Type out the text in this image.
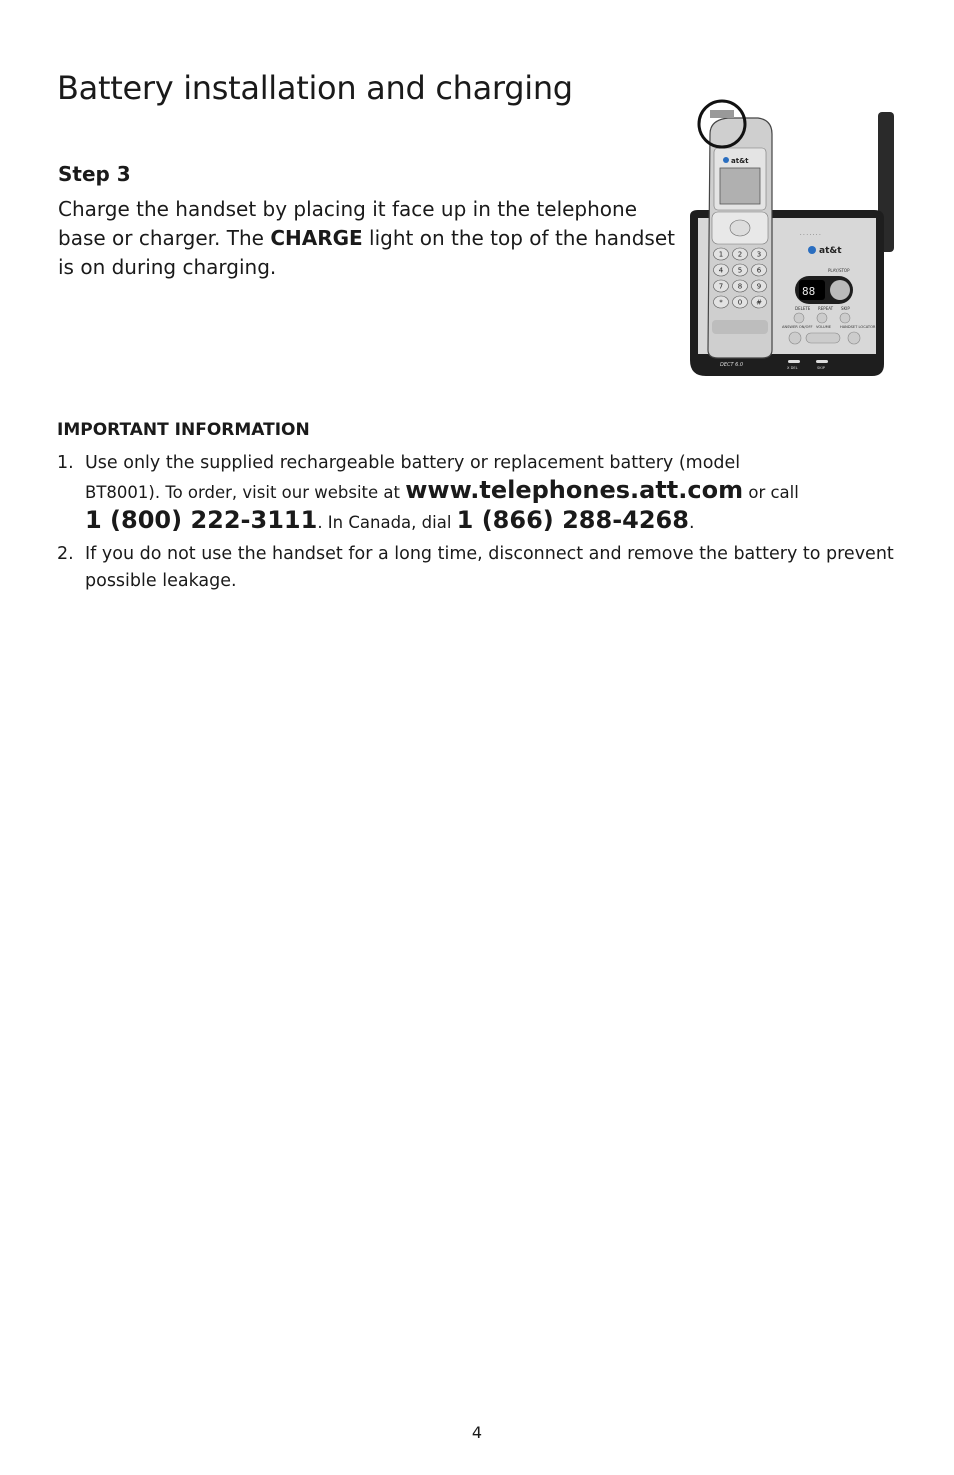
Battery installation and charging
Step 3

Charge the handset by placing it face up in the telephone base or charger. The CHARGE light on the top of the handset is on during charging.

· · · · · · ·
at&t
PLAY/STOP
88
DELETE REPEAT SKIP
ANSWER ON/OFF VOLUME HANDSET LOCATOR
DECT 6.0	X DEL	SKIP
at&t
1 2 3
4 5 6
7 8 9
* 0 #
IMPORTANT INFORMATION
1. Use only the supplied rechargeable battery or replacement battery (model
BT8001). To order, visit our website at www.telephones.att.com or call
1 (800) 222-3111. In Canada, dial 1 (866) 288-4268.
2. If you do not use the handset for a long time, disconnect and remove the battery to prevent possible leakage.
4
